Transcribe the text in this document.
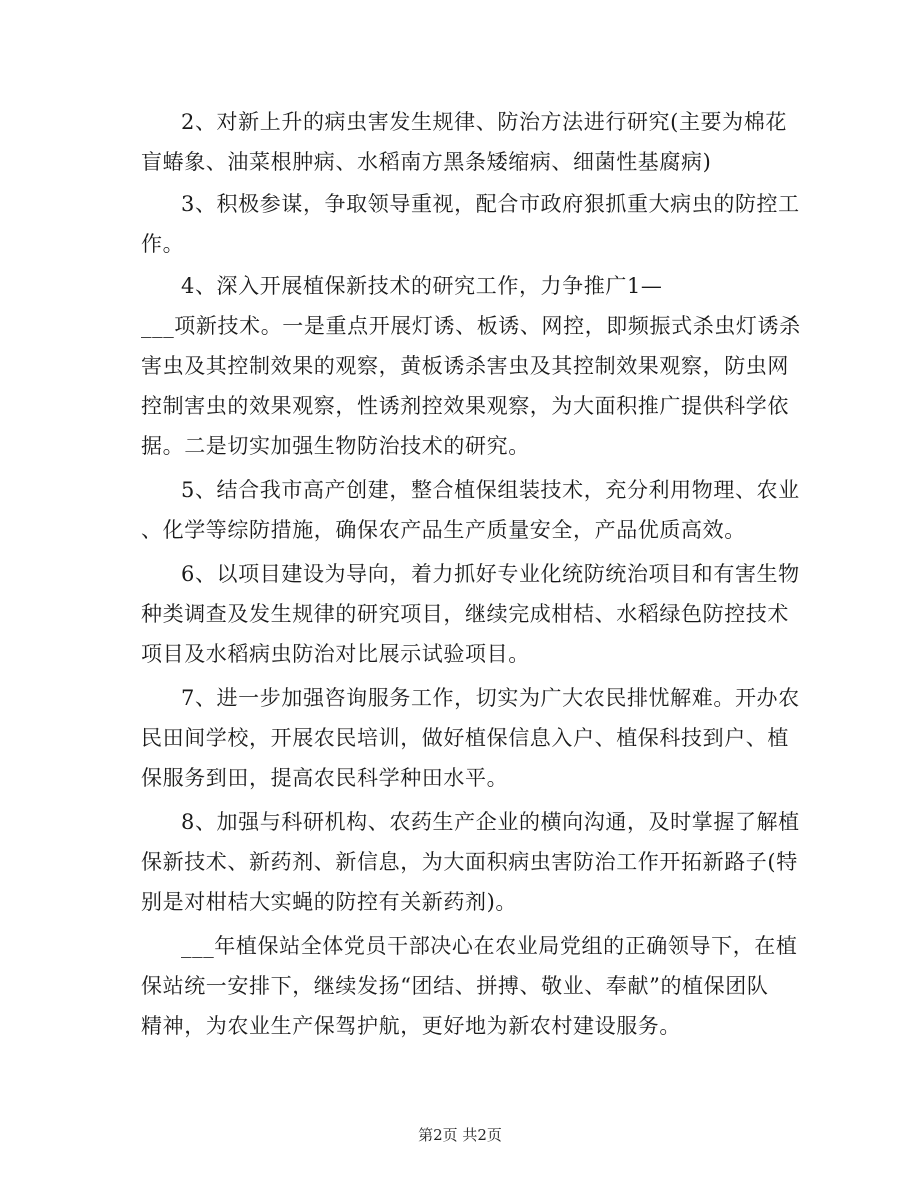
2、对新上升的病虫害发生规律、防治方法进行研究(主要为棉花
盲蝽象、油菜根肿病、水稻南方黑条矮缩病、细菌性基腐病)
3、积极参谋，争取领导重视，配合市政府狠抓重大病虫的防控工
作。
4、深入开展植保新技术的研究工作，力争推广1—
___项新技术。一是重点开展灯诱、板诱、网控，即频振式杀虫灯诱杀
害虫及其控制效果的观察，黄板诱杀害虫及其控制效果观察，防虫网
控制害虫的效果观察，性诱剂控效果观察，为大面积推广提供科学依
据。二是切实加强生物防治技术的研究。
5、结合我市高产创建，整合植保组装技术，充分利用物理、农业
、化学等综防措施，确保农产品生产质量安全，产品优质高效。
6、以项目建设为导向，着力抓好专业化统防统治项目和有害生物
种类调查及发生规律的研究项目，继续完成柑桔、水稻绿色防控技术
项目及水稻病虫防治对比展示试验项目。
7、进一步加强咨询服务工作，切实为广大农民排忧解难。开办农
民田间学校，开展农民培训，做好植保信息入户、植保科技到户、植
保服务到田，提高农民科学种田水平。
8、加强与科研机构、农药生产企业的横向沟通，及时掌握了解植
保新技术、新药剂、新信息，为大面积病虫害防治工作开拓新路子(特
别是对柑桔大实蝇的防控有关新药剂)。
___年植保站全体党员干部决心在农业局党组的正确领导下，在植
保站统一安排下，继续发扬“团结、拼搏、敬业、奉献”的植保团队
精神，为农业生产保驾护航，更好地为新农村建设服务。
第2页 共2页
